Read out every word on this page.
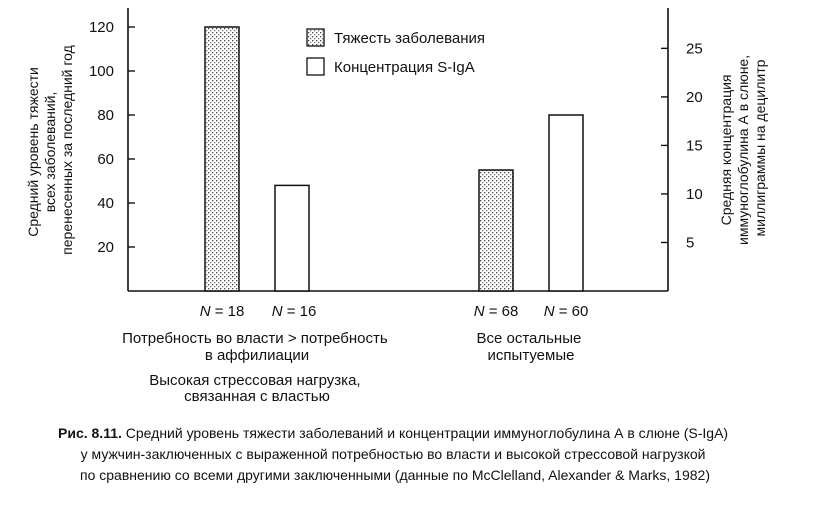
20
40
60
80
100
120
5
10
15
20
25
Средний уровень тяжести всех заболеваний, перенесенных за последний год	Средняя концентрация иммуноглобулина А в слюне, миллиграммы на децилитр
Тяжесть заболевания
Концентрация S-IgA
N = 18 N = 16	N = 68 N = 60
Потребность во власти > потребность в аффилиации
Высокая стрессовая нагрузка, связанная с властью
Все остальные испытуемые
Рис. 8.11. Средний уровень тяжести заболеваний и концентрации иммуноглобулина А в слюне (S-IgA) у мужчин-заключенных с выраженной потребностью во власти и высокой стрессовой нагрузкой по сравнению со всеми другими заключенными (данные по McClelland, Alexander & Marks, 1982)
